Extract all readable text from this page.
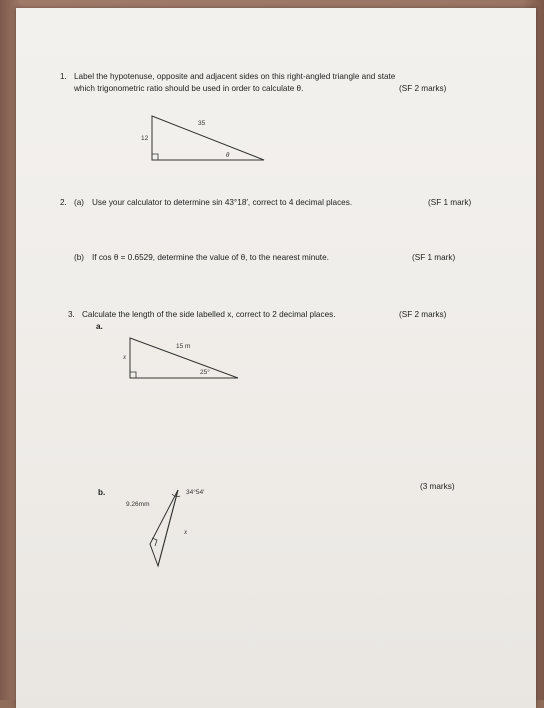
1. Label the hypotenuse, opposite and adjacent sides on this right-angled triangle and state
which trigonometric ratio should be used in order to calculate θ.	(SF 2 marks)
35
12
θ
2. (a) Use your calculator to determine sin 43°18′, correct to 4 decimal places.	(SF 1 mark)
(b) If cos θ = 0.6529, determine the value of θ, to the nearest minute.	(SF 1 mark)
3. Calculate the length of the side labelled x, correct to 2 decimal places.	(SF 2 marks)
a.
15 m
x
25°
b.
(3 marks)
9.26mm
34°54′
x
